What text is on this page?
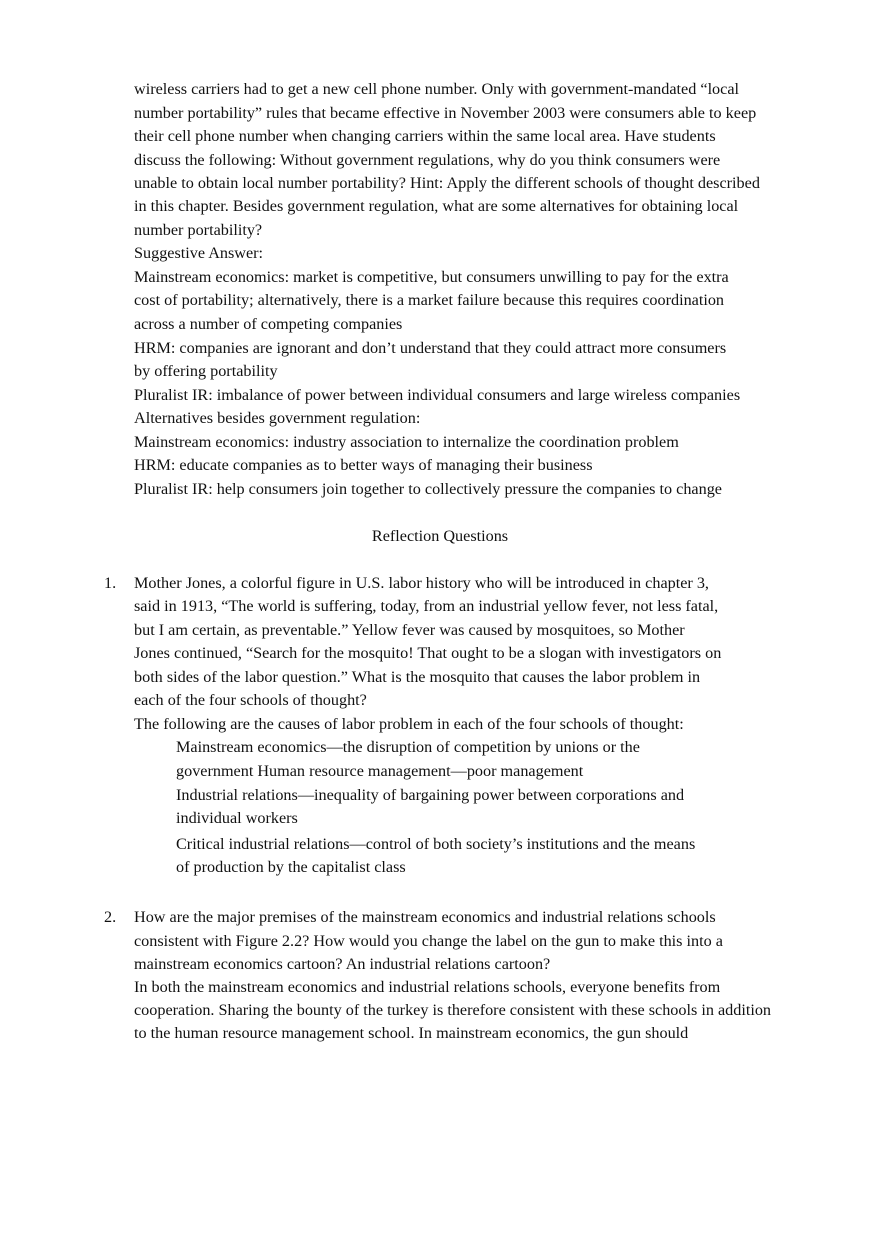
wireless carriers had to get a new cell phone number. Only with government-mandated “local
number portability” rules that became effective in November 2003 were consumers able to keep
their cell phone number when changing carriers within the same local area. Have students
discuss the following: Without government regulations, why do you think consumers were
unable to obtain local number portability? Hint: Apply the different schools of thought described
in this chapter. Besides government regulation, what are some alternatives for obtaining local
number portability?
Suggestive Answer:
Mainstream economics: market is competitive, but consumers unwilling to pay for the extra
cost of portability; alternatively, there is a market failure because this requires coordination
across a number of competing companies
HRM: companies are ignorant and don’t understand that they could attract more consumers
by offering portability
Pluralist IR: imbalance of power between individual consumers and large wireless companies
Alternatives besides government regulation:
Mainstream economics: industry association to internalize the coordination problem
HRM: educate companies as to better ways of managing their business
Pluralist IR: help consumers join together to collectively pressure the companies to change
Reflection Questions
1. Mother Jones, a colorful figure in U.S. labor history who will be introduced in chapter 3,
said in 1913, “The world is suffering, today, from an industrial yellow fever, not less fatal,
but I am certain, as preventable.” Yellow fever was caused by mosquitoes, so Mother
Jones continued, “Search for the mosquito! That ought to be a slogan with investigators on
both sides of the labor question.” What is the mosquito that causes the labor problem in
each of the four schools of thought?
The following are the causes of labor problem in each of the four schools of thought:
Mainstream economics—the disruption of competition by unions or the
government Human resource management—poor management
Industrial relations—inequality of bargaining power between corporations and
individual workers
Critical industrial relations—control of both society’s institutions and the means
of production by the capitalist class
2. How are the major premises of the mainstream economics and industrial relations schools
consistent with Figure 2.2? How would you change the label on the gun to make this into a
mainstream economics cartoon? An industrial relations cartoon?
In both the mainstream economics and industrial relations schools, everyone benefits from
cooperation. Sharing the bounty of the turkey is therefore consistent with these schools in addition
to the human resource management school. In mainstream economics, the gun should
